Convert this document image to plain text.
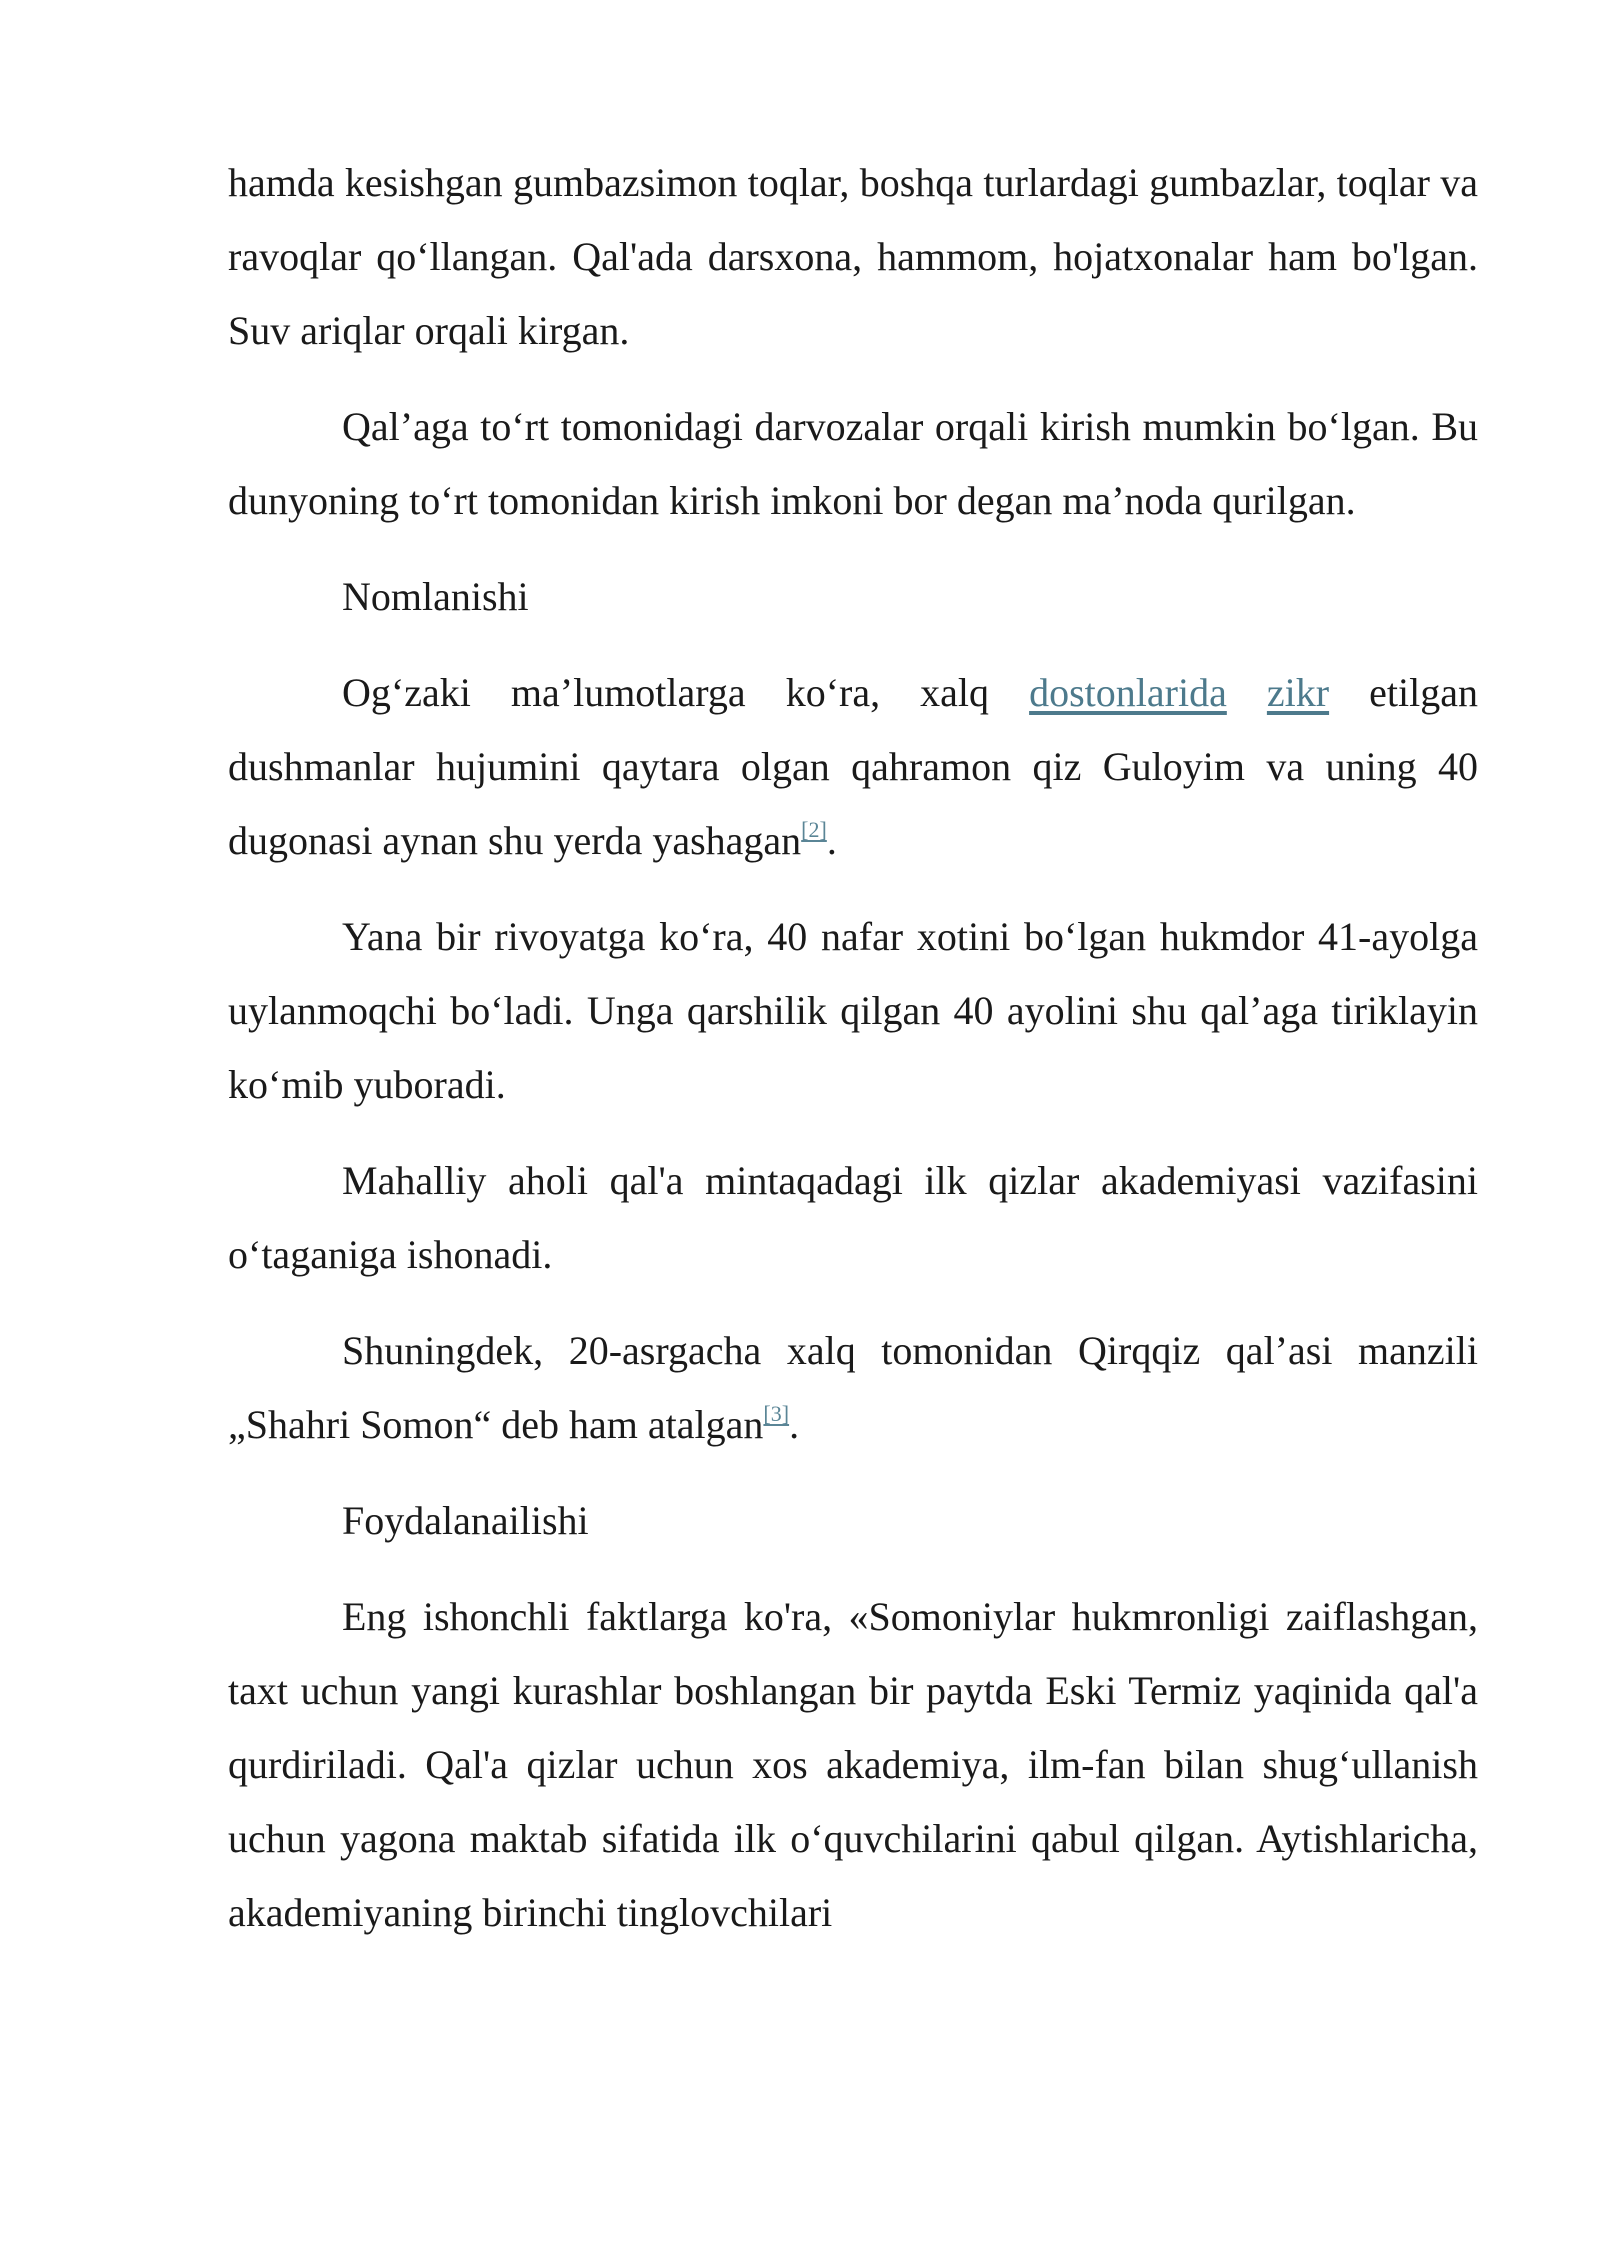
hamda kesishgan gumbazsimon toqlar, boshqa turlardagi gumbazlar, toqlar va ravoqlar qo‘llangan. Qal'ada darsxona, hammom, hojatxonalar ham bo'lgan. Suv ariqlar orqali kirgan.

Qal’aga to‘rt tomonidagi darvozalar orqali kirish mumkin bo‘lgan. Bu dunyoning to‘rt tomonidan kirish imkoni bor degan ma’noda qurilgan.

Nomlanishi

Og‘zaki ma’lumotlarga ko‘ra, xalq dostonlarida zikr etilgan dushmanlar hujumini qaytara olgan qahramon qiz Guloyim va uning 40 dugonasi aynan shu yerda yashagan[2].

Yana bir rivoyatga ko‘ra, 40 nafar xotini bo‘lgan hukmdor 41-ayolga uylanmoqchi bo‘ladi. Unga qarshilik qilgan 40 ayolini shu qal’aga tiriklayin ko‘mib yuboradi.

Mahalliy aholi qal'a mintaqadagi ilk qizlar akademiyasi vazifasini o‘taganiga ishonadi.

Shuningdek, 20-asrgacha xalq tomonidan Qirqqiz qal’asi manzili „Shahri Somon“ deb ham atalgan[3].

Foydalanailishi

Eng ishonchli faktlarga ko'ra, «Somoniylar hukmronligi zaiflashgan, taxt uchun yangi kurashlar boshlangan bir paytda Eski Termiz yaqinida qal'a qurdiriladi. Qal'a qizlar uchun xos akademiya, ilm-fan bilan shug‘ullanish uchun yagona maktab sifatida ilk o‘quvchilarini qabul qilgan. Aytishlaricha, akademiyaning birinchi tinglovchilari
